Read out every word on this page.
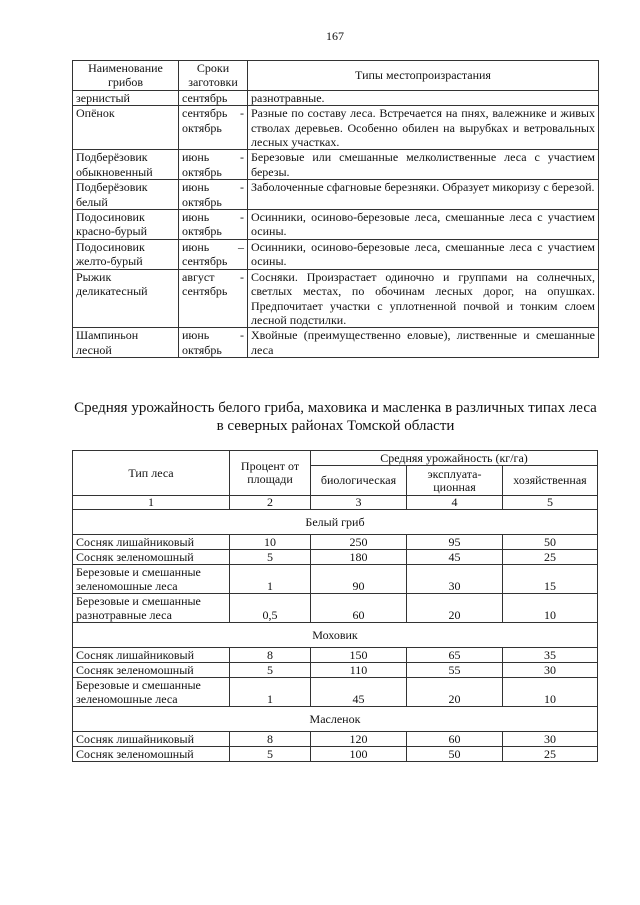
167
Наименование грибов	Сроки заготовки	Типы местопроизрастания
зернистый	сентябрь	разнотравные.
Опёнок	сентябрь - октябрь	Разные по составу леса. Встречается на пнях, валежнике и живых стволах деревьев. Особенно обилен на вырубках и ветровальных лесных участках.
Подберёзовик обыкновенный	июнь - октябрь	Березовые или смешанные мелколиственные леса с участием березы.
Подберёзовик белый	июнь - октябрь	Заболоченные сфагновые березняки. Образует микоризу с березой.
Подосиновик красно-бурый	июнь - октябрь	Осинники, осиново-березовые леса, смешанные леса с участием осины.
Подосиновик желто-бурый	июнь – сентябрь	Осинники, осиново-березовые леса, смешанные леса с участием осины.
Рыжик деликатесный	август - сентябрь	Сосняки. Произрастает одиночно и группами на солнечных, светлых местах, по обочинам лесных дорог, на опушках. Предпочитает участки с уплотненной почвой и тонким слоем лесной подстилки.
Шампиньон лесной	июнь - октябрь	Хвойные (преимущественно еловые), лиственные и смешанные леса
Средняя урожайность белого гриба, маховика и масленка в различных типах леса в северных районах Томской области
Тип леса	Процент от площади	Средняя урожайность (кг/га)		
		биологическая	эксплуата-ционная	хозяйственная
1	2	3	4	5
Белый гриб				
Сосняк лишайниковый	10	250	95	50
Сосняк зеленомошный	5	180	45	25
Березовые и смешанные зеленомошные леса	1	90	30	15
Березовые и смешанные разнотравные леса	0,5	60	20	10
Моховик				
Сосняк лишайниковый	8	150	65	35
Сосняк зеленомошный	5	110	55	30
Березовые и смешанные зеленомошные леса	1	45	20	10
Масленок				
Сосняк лишайниковый	8	120	60	30
Сосняк зеленомошный	5	100	50	25
